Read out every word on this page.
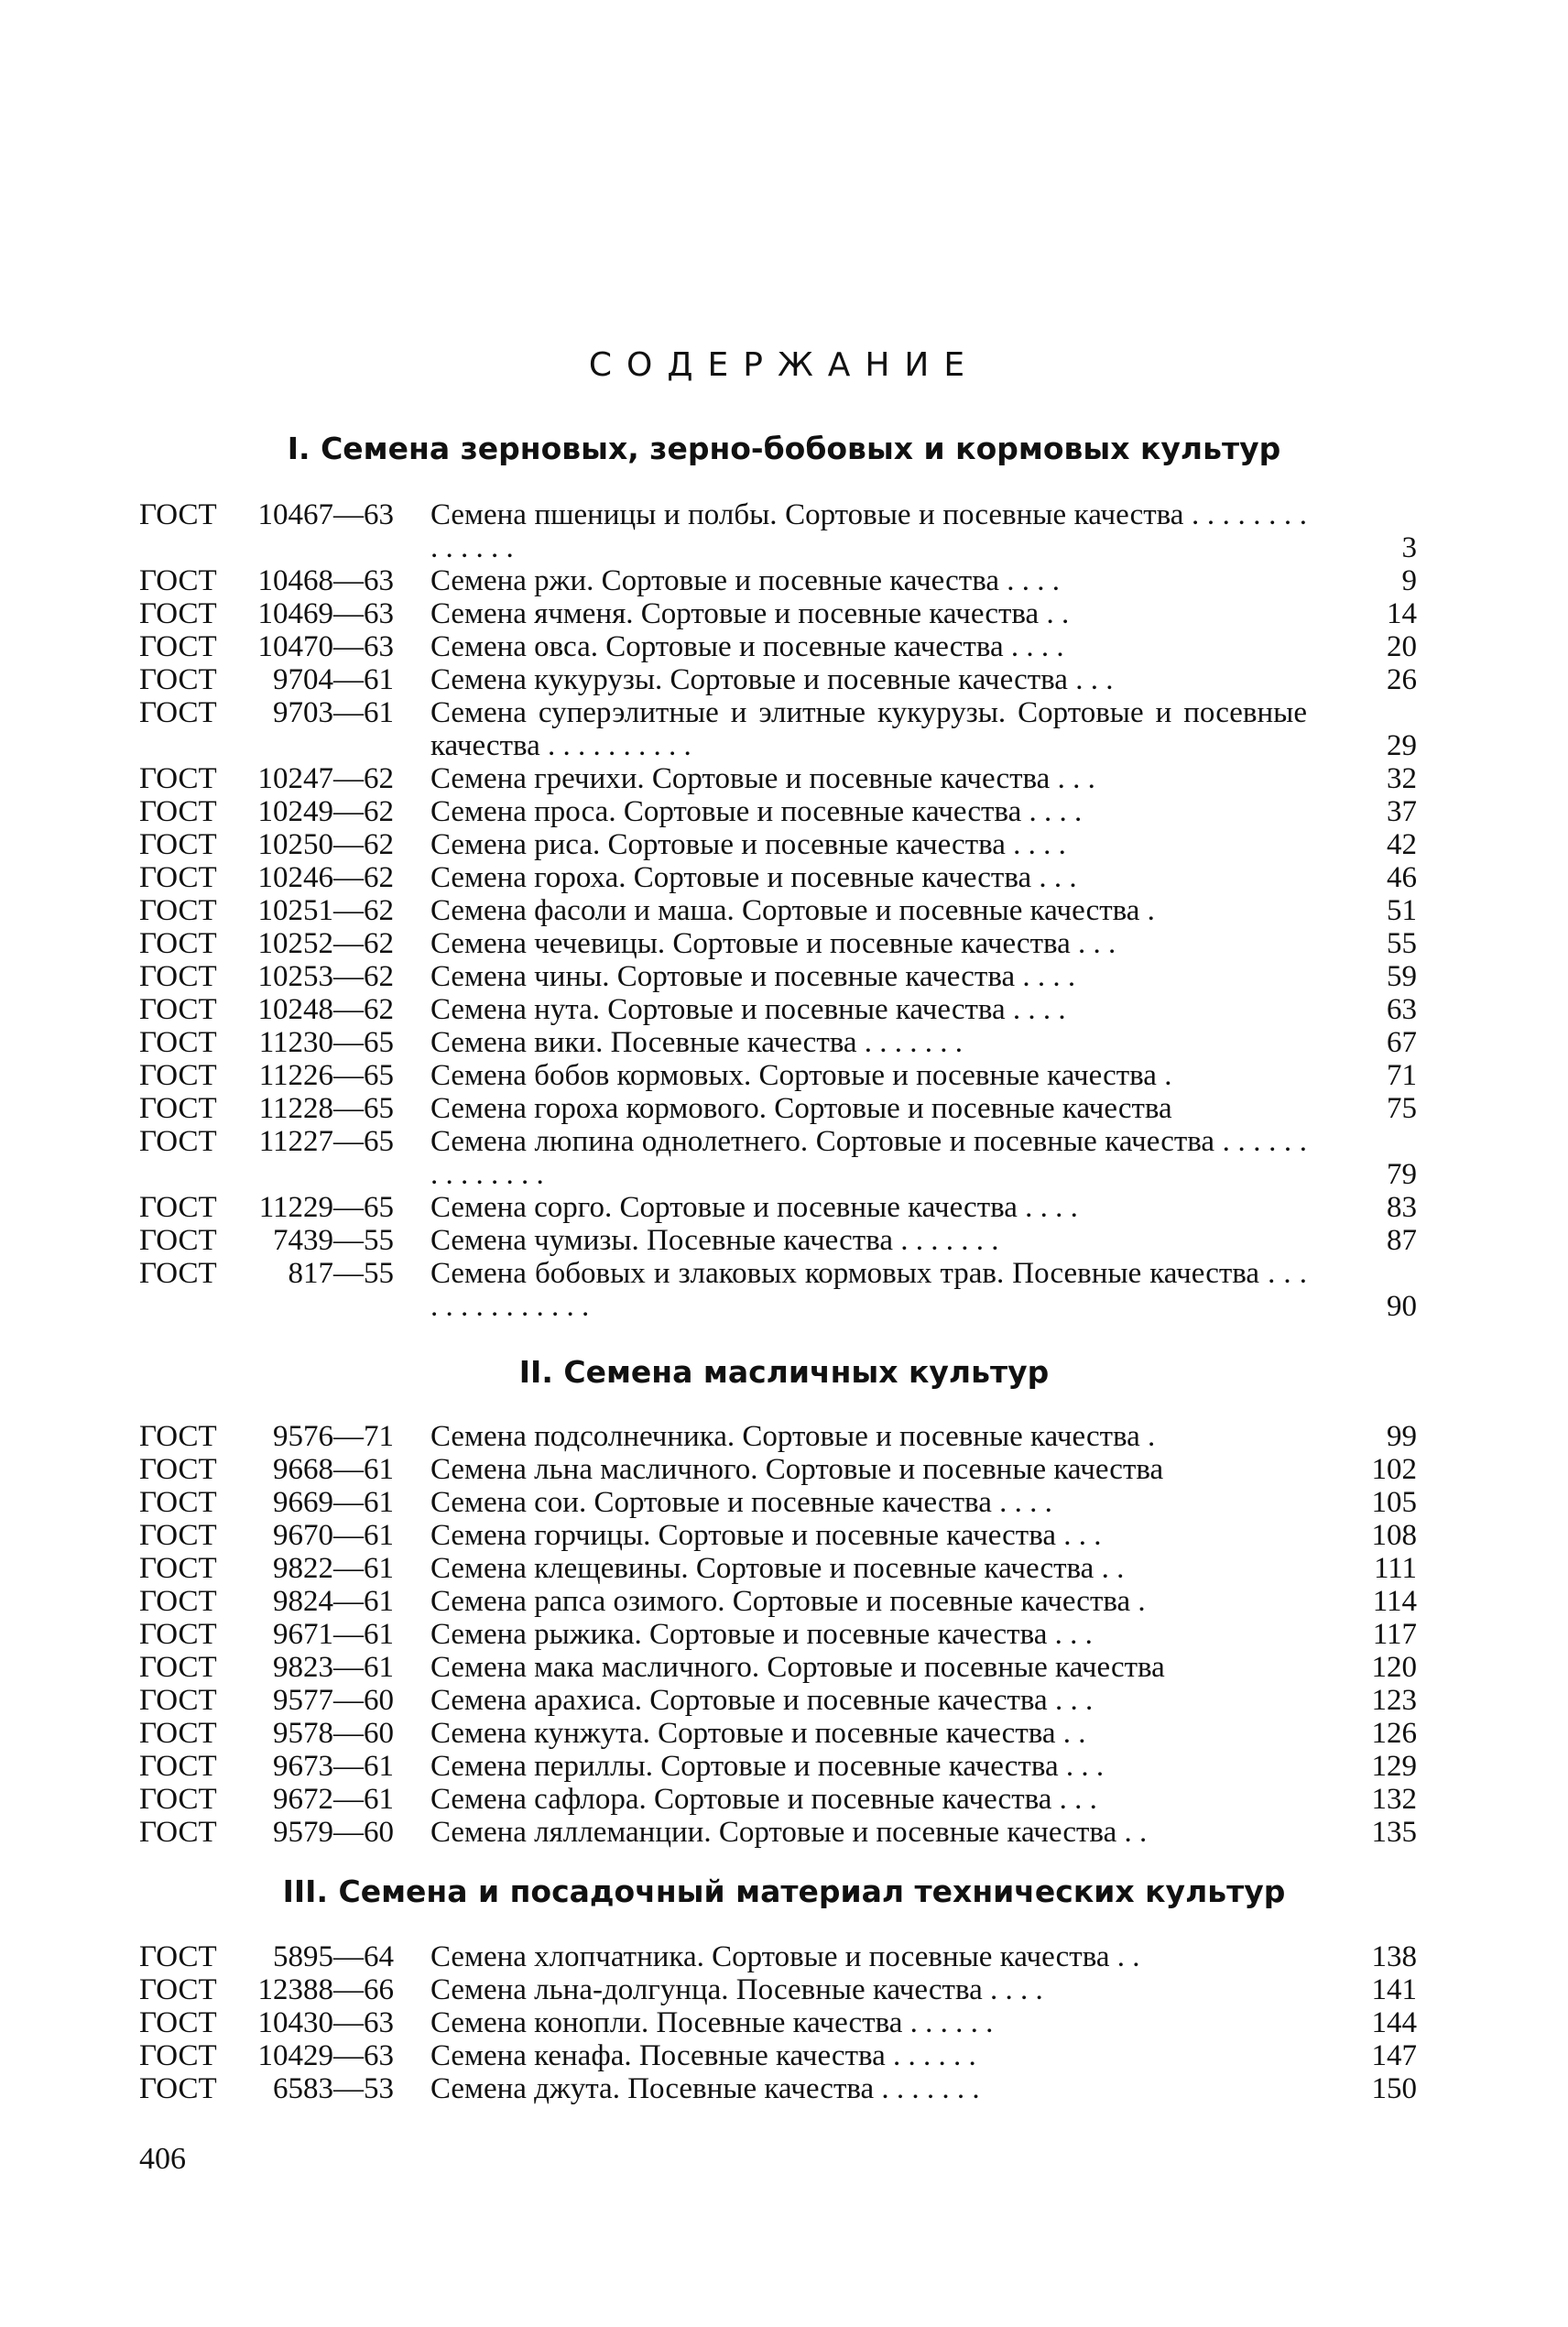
СОДЕРЖАНИЕ
I. Семена зерновых, зерно-бобовых и кормовых культур
ГОСТ 10467—63	Семена пшеницы и полбы. Сортовые и посевные качества . . . . . . . . . . . . . .	3
ГОСТ 10468—63	Семена ржи. Сортовые и посевные качества . . . .	9
ГОСТ 10469—63	Семена ячменя. Сортовые и посевные качества . .	14
ГОСТ 10470—63	Семена овса. Сортовые и посевные качества . . . .	20
ГОСТ 9704—61	Семена кукурузы. Сортовые и посевные качества . . .	26
ГОСТ 9703—61	Семена суперэлитные и элитные кукурузы. Сортовые и посевные качества . . . . . . . . . .	29
ГОСТ 10247—62	Семена гречихи. Сортовые и посевные качества . . .	32
ГОСТ 10249—62	Семена проса. Сортовые и посевные качества . . . .	37
ГОСТ 10250—62	Семена риса. Сортовые и посевные качества . . . .	42
ГОСТ 10246—62	Семена гороха. Сортовые и посевные качества . . .	46
ГОСТ 10251—62	Семена фасоли и маша. Сортовые и посевные качества .	51
ГОСТ 10252—62	Семена чечевицы. Сортовые и посевные качества . . .	55
ГОСТ 10253—62	Семена чины. Сортовые и посевные качества . . . .	59
ГОСТ 10248—62	Семена нута. Сортовые и посевные качества . . . .	63
ГОСТ 11230—65	Семена вики. Посевные качества . . . . . . .	67
ГОСТ 11226—65	Семена бобов кормовых. Сортовые и посевные качества .	71
ГОСТ 11228—65	Семена гороха кормового. Сортовые и посевные качества	75
ГОСТ 11227—65	Семена люпина однолетнего. Сортовые и посевные качества . . . . . . . . . . . . . .	79
ГОСТ 11229—65	Семена сорго. Сортовые и посевные качества . . . .	83
ГОСТ 7439—55	Семена чумизы. Посевные качества . . . . . . .	87
ГОСТ 817—55	Семена бобовых и злаковых кормовых трав. Посевные качества . . . . . . . . . . . . . .	90
II. Семена масличных культур
ГОСТ 9576—71	Семена подсолнечника. Сортовые и посевные качества .	99
ГОСТ 9668—61	Семена льна масличного. Сортовые и посевные качества	102
ГОСТ 9669—61	Семена сои. Сортовые и посевные качества . . . .	105
ГОСТ 9670—61	Семена горчицы. Сортовые и посевные качества . . .	108
ГОСТ 9822—61	Семена клещевины. Сортовые и посевные качества . .	111
ГОСТ 9824—61	Семена рапса озимого. Сортовые и посевные качества .	114
ГОСТ 9671—61	Семена рыжика. Сортовые и посевные качества . . .	117
ГОСТ 9823—61	Семена мака масличного. Сортовые и посевные качества	120
ГОСТ 9577—60	Семена арахиса. Сортовые и посевные качества . . .	123
ГОСТ 9578—60	Семена кунжута. Сортовые и посевные качества . .	126
ГОСТ 9673—61	Семена периллы. Сортовые и посевные качества . . .	129
ГОСТ 9672—61	Семена сафлора. Сортовые и посевные качества . . .	132
ГОСТ 9579—60	Семена ляллеманции. Сортовые и посевные качества . .	135
III. Семена и посадочный материал технических культур
ГОСТ 5895—64	Семена хлопчатника. Сортовые и посевные качества . .	138
ГОСТ 12388—66	Семена льна-долгунца. Посевные качества . . . .	141
ГОСТ 10430—63	Семена конопли. Посевные качества . . . . . .	144
ГОСТ 10429—63	Семена кенафа. Посевные качества . . . . . .	147
ГОСТ 6583—53	Семена джута. Посевные качества . . . . . . .	150
406
